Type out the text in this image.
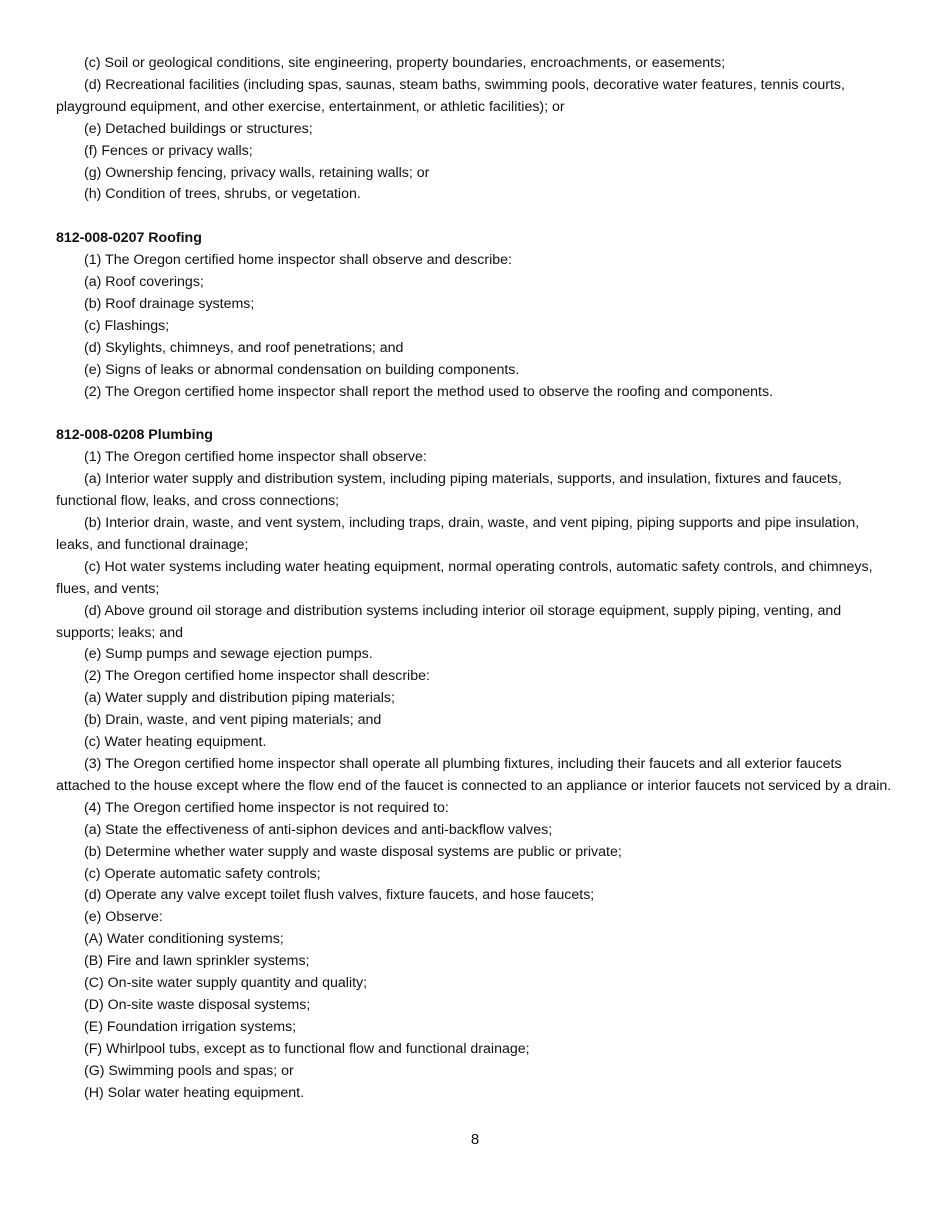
(c) Soil or geological conditions, site engineering, property boundaries, encroachments, or easements;

(d) Recreational facilities (including spas, saunas, steam baths, swimming pools, decorative water features, tennis courts, playground equipment, and other exercise, entertainment, or athletic facilities); or

(e) Detached buildings or structures;

(f) Fences or privacy walls;

(g) Ownership fencing, privacy walls, retaining walls; or

(h) Condition of trees, shrubs, or vegetation.

812-008-0207 Roofing

(1) The Oregon certified home inspector shall observe and describe:

(a) Roof coverings;

(b) Roof drainage systems;

(c) Flashings;

(d) Skylights, chimneys, and roof penetrations; and

(e) Signs of leaks or abnormal condensation on building components.

(2) The Oregon certified home inspector shall report the method used to observe the roofing and components.

812-008-0208 Plumbing

(1) The Oregon certified home inspector shall observe:

(a) Interior water supply and distribution system, including piping materials, supports, and insulation, fixtures and faucets, functional flow, leaks, and cross connections;

(b) Interior drain, waste, and vent system, including traps, drain, waste, and vent piping, piping supports and pipe insulation, leaks, and functional drainage;

(c) Hot water systems including water heating equipment, normal operating controls, automatic safety controls, and chimneys, flues, and vents;

(d) Above ground oil storage and distribution systems including interior oil storage equipment, supply piping, venting, and supports; leaks; and

(e) Sump pumps and sewage ejection pumps.

(2) The Oregon certified home inspector shall describe:

(a) Water supply and distribution piping materials;

(b) Drain, waste, and vent piping materials; and

(c) Water heating equipment.

(3) The Oregon certified home inspector shall operate all plumbing fixtures, including their faucets and all exterior faucets attached to the house except where the flow end of the faucet is connected to an appliance or interior faucets not serviced by a drain.

(4) The Oregon certified home inspector is not required to:

(a) State the effectiveness of anti-siphon devices and anti-backflow valves;

(b) Determine whether water supply and waste disposal systems are public or private;

(c) Operate automatic safety controls;

(d) Operate any valve except toilet flush valves, fixture faucets, and hose faucets;

(e) Observe:

(A) Water conditioning systems;

(B) Fire and lawn sprinkler systems;

(C) On-site water supply quantity and quality;

(D) On-site waste disposal systems;

(E) Foundation irrigation systems;

(F) Whirlpool tubs, except as to functional flow and functional drainage;

(G) Swimming pools and spas; or

(H) Solar water heating equipment.

8
